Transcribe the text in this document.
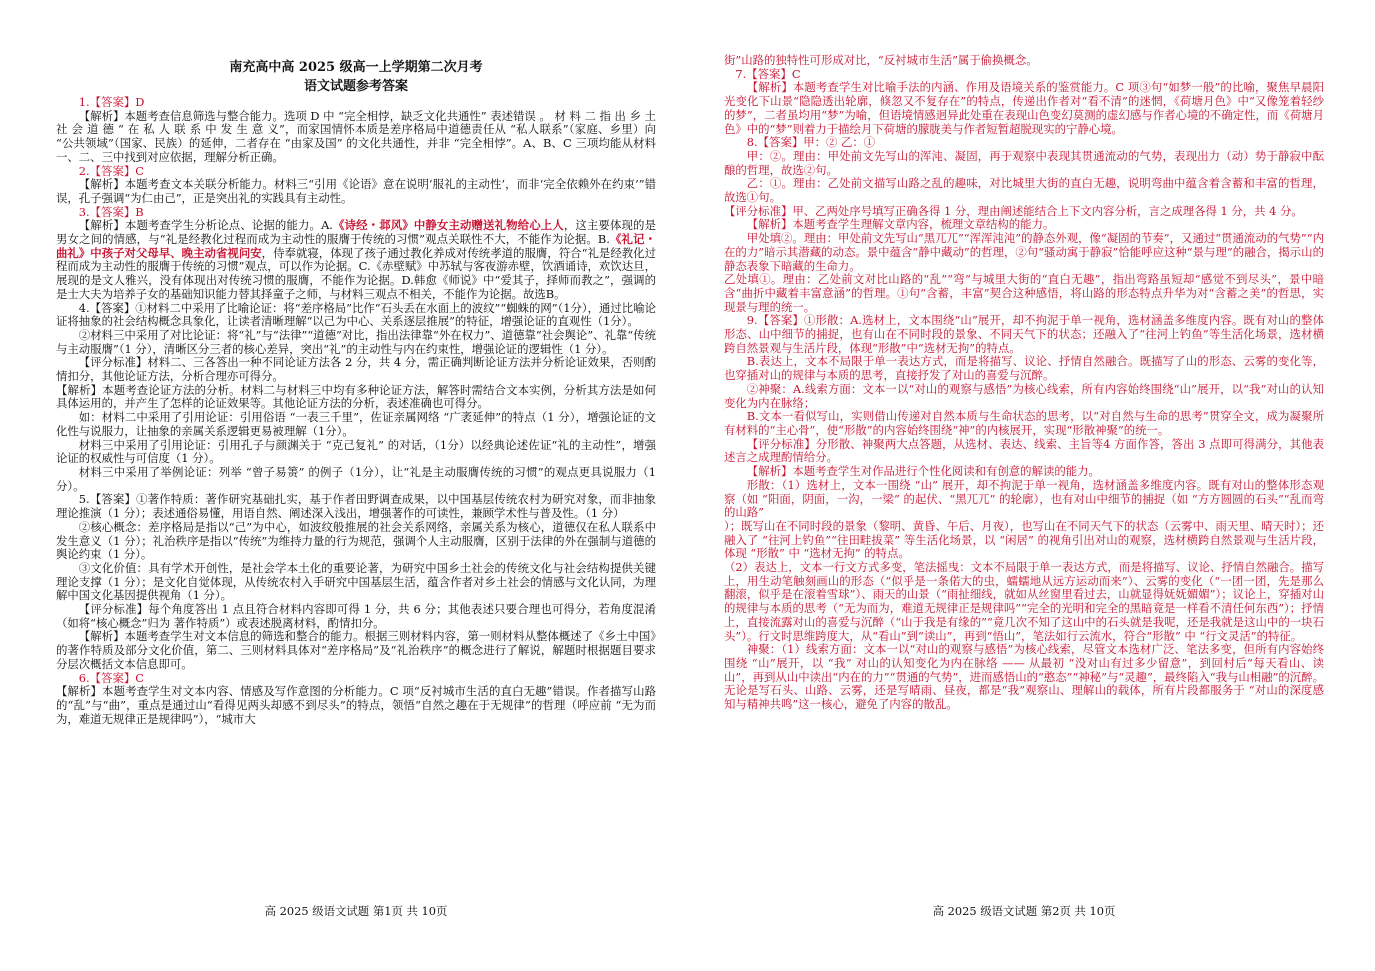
南充高中高 2025 级高一上学期第二次月考
语文试题参考答案

1.【答案】D

【解析】本题考查信息筛选与整合能力。选项 D 中 “完全相悖，缺乏文化共通性” 表述错误 。 材 料 二 指 出 乡 土 社 会 道 德 “ 在 私 人 联 系 中 发 生 意 义”，而家国情怀本质是差序格局中道德责任从 “私人联系”（家庭、乡里）向 “公共领域”（国家、民族）的延伸，二者存在 “由家及国” 的文化共通性，并非 “完全相悖”。A、B、C 三项均能从材料一、二、三中找到对应依据，理解分析正确。

2.【答案】C

【解析】本题考查文本关联分析能力。材料三“引用《论语》意在说明‘服礼的主动性’，而非‘完全依赖外在约束’”错误，孔子强调“为仁由己”，正是突出礼的实践具有主动性。

3.【答案】B

【解析】本题考查学生分析论点、论据的能力。A.《诗经・邶风》中静女主动赠送礼物给心上人，这主要体现的是男女之间的情感，与“礼是经教化过程而成为主动性的服膺于传统的习惯”观点关联性不大，不能作为论据。B.《礼记・曲礼》中孩子对父母早、晚主动省视问安，侍奉就寝，体现了孩子通过教化养成对传统孝道的服膺，符合“礼是经教化过程而成为主动性的服膺于传统的习惯”观点，可以作为论据。C.《赤壁赋》中苏轼与客夜游赤壁，饮酒诵诗，欢饮达旦，展现的是文人雅兴，没有体现出对传统习惯的服膺，不能作为论据。D.韩愈《师说》中“爱其子，择师而教之”，强调的是士大夫为培养子女的基础知识能力替其择童子之师，与材料三观点不相关，不能作为论据。故选B。

4.【答案】①材料二中采用了比喻论证：将“差序格局”比作“石头丢在水面上的波纹”“蜘蛛的网”（1分），通过比喻论证将抽象的社会结构概念具象化，让读者清晰理解“以己为中心、关系逐层推展”的特征，增强论证的直观性（1分）。

②材料三中采用了对比论证：将“礼”与“法律”“道德”对比，指出法律靠“外在权力”、道德靠“社会舆论”、礼靠“传统与主动服膺”（1 分），清晰区分三者的核心差异，突出“礼”的主动性与内在约束性，增强论证的逻辑性（1 分）。

【评分标准】材料二、三各答出一种不同论证方法各 2 分，共 4 分，需正确判断论证方法并分析论证效果，否则酌情扣分，其他论证方法，分析合理亦可得分。

【解析】本题考查论证方法的分析。材料二与材料三中均有多种论证方法，解答时需结合文本实例，分析其方法是如何具体运用的，并产生了怎样的论证效果等。其他论证方法的分析，表述准确也可得分。

如：材料二中采用了引用论证：引用俗语 “一表三千里”，佐证亲属网络 “广袤延伸”的特点（1 分），增强论证的文化性与说服力，让抽象的亲属关系逻辑更易被理解（1分）。

材料三中采用了引用论证：引用孔子与颜渊关于 “克己复礼” 的对话，（1分）以经典论述佐证“礼的主动性”，增强论证的权威性与可信度（1 分）。

材料三中采用了举例论证：列举 “曾子易箦” 的例子（1分），让“礼是主动服膺传统的习惯”的观点更具说服力（1 分）。

5.【答案】①著作特质：著作研究基础扎实，基于作者田野调查成果，以中国基层传统农村为研究对象，而非抽象理论推演（1 分）；表述通俗易懂，用语自然、阐述深入浅出，增强著作的可读性，兼顾学术性与普及性。（1 分）

②核心概念：差序格局是指以“己”为中心，如波纹般推展的社会关系网络，亲属关系为核心，道德仅在私人联系中发生意义（1 分）；礼治秩序是指以“传统”为维持力量的行为规范，强调个人主动服膺，区别于法律的外在强制与道德的舆论约束（1 分）。

③文化价值：具有学术开创性，是社会学本土化的重要论著，为研究中国乡土社会的传统文化与社会结构提供关键理论支撑（1 分）；是文化自觉体现，从传统农村入手研究中国基层生活，蕴含作者对乡土社会的情感与文化认同，为理解中国文化基因提供视角（1 分）。

【评分标准】每个角度答出 1 点且符合材料内容即可得 1 分，共 6 分；其他表述只要合理也可得分，若角度混淆（如将“核心概念”归为 著作特质”）或表述脱离材料，酌情扣分。

【解析】本题考查学生对文本信息的筛选和整合的能力。根据三则材料内容，第一则材料从整体概述了《乡土中国》的著作特质及部分文化价值，第二、三则材料具体对“差序格局”及“礼治秩序”的概念进行了解说，解题时根据题目要求分层次概括文本信息即可。

6.【答案】C

【解析】本题考查学生对文本内容、情感及写作意图的分析能力。C 项“反衬城市生活的直白无趣”错误。作者描写山路的“乱”与“曲”，重点是通过山“看得见两头却感不到尽头”的特点，领悟“自然之趣在于无规律”的哲理（呼应前 “无为而为，难道无规律正是规律吗”），“城市大

高 2025 级语文试题 第1页 共 10页

街”山路的独特性可形成对比，“反衬城市生活”属于偷换概念。

7.【答案】C

【解析】本题考查学生对比喻手法的内涵、作用及语境关系的鉴赏能力。C 项③句“如梦一般”的比喻，聚焦早晨阳光变化下山景“隐隐透出轮廓，倏忽又不复存在”的特点，传递出作者对“看不清”的迷惘，《荷塘月色》中“又像笼着轻纱的梦”，二者虽均用“梦”为喻，但语境情感迥异此处重在表现山色变幻莫测的虚幻感与作者心境的不确定性，而《荷塘月色》中的“梦”则着力于描绘月下荷塘的朦胧美与作者短暂超脱现实的宁静心境。

8.【答案】甲：② 乙：①

甲：②。理由：甲处前文先写山的浑沌、凝固，再于观察中表现其贯通流动的气势，表现出力（动）势于静寂中酝酿的哲理，故选②句。

乙：①。理由：乙处前文描写山路之乱的趣味，对比城里大街的直白无趣，说明弯曲中蕴含着含蓄和丰富的哲理，故选①句。

【评分标准】甲、乙两处序号填写正确各得 1 分，理由阐述能结合上下文内容分析，言之成理各得 1 分，共 4 分。

【解析】本题考查学生理解文章内容，梳理文章结构的能力。

甲处填②。理由：甲处前文先写山“黑兀兀”“浑浑沌沌”的静态外观，像“凝固的节奏”，又通过“贯通流动的气势”“内在的力”暗示其潜藏的动态。景中蕴含“静中藏动”的哲理，②句“骚动寓于静寂”恰能呼应这种“景与理”的融合，揭示山的静态表象下暗藏的生命力。

乙处填①。理由：乙处前文对比山路的“乱”“弯”与城里大街的“直白无趣”，指出弯路虽短却“感觉不到尽头”，景中暗含“曲折中藏着丰富意涵”的哲理。①句“含蓄，丰富”契合这种感悟，将山路的形态特点升华为对“含蓄之美”的哲思，实现景与理的统一。

9.【答案】①形散：A.选材上，文本围绕“山”展开，却不拘泥于单一视角，选材涵盖多维度内容。既有对山的整体形态、山中细节的捕捉，也有山在不同时段的景象、不同天气下的状态；还融入了“往河上钓鱼”等生活化场景，选材横跨自然景观与生活片段，体现“形散”中“选材无拘”的特点。

B.表达上，文本不局限于单一表达方式，而是将描写、议论、抒情自然融合。既描写了山的形态、云雾的变化等，也穿插对山的规律与本质的思考，直接抒发了对山的喜爱与沉醉。

②神聚：A.线索方面：文本一以“对山的观察与感悟”为核心线索，所有内容始终围绕“山”展开，以“我”对山的认知变化为内在脉络；

B.文本一看似写山，实则借山传递对自然本质与生命状态的思考，以“对自然与生命的思考”贯穿全文，成为凝聚所有材料的“主心骨”，使“形散”的内容始终围绕“神”的内核展开，实现“形散神聚”的统一。

【评分标准】分形散、神聚两大点答题，从选材、表达、线索、主旨等4 方面作答，答出 3 点即可得满分，其他表述言之成理酌情给分。

【解析】本题考查学生对作品进行个性化阅读和有创意的解读的能力。

形散：（1）选材上，文本一围绕 “山” 展开，却不拘泥于单一视角，选材涵盖多维度内容。既有对山的整体形态观察（如 “阳面，阴面，一沟，一梁” 的起伏、“黑兀兀” 的轮廓），也有对山中细节的捕捉（如 “方方圆圆的石头”“乱而弯的山路”

）；既写山在不同时段的景象（黎明、黄昏、午后、月夜），也写山在不同天气下的状态（云雾中、雨天里、晴天时）；还融入了 “往河上钓鱼”“往田畦拔菜” 等生活化场景，以 “闲居” 的视角引出对山的观察，选材横跨自然景观与生活片段，体现 “形散” 中 “选材无拘” 的特点。

（2）表达上，文本一行文方式多变，笔法摇曳：文本不局限于单一表达方式，而是将描写、议论、抒情自然融合。描写上，用生动笔触刻画山的形态（“似乎是一条偌大的虫，蠕蠕地从远方运动而来”）、云雾的变化（“一团一团，先是那么翻滚，似乎是在滚着雪球”）、雨天的山景（“雨扯细线，就如从丝窗里看过去，山就显得妩妩媚媚”）；议论上，穿插对山的规律与本质的思考（“无为而为，难道无规律正是规律吗”“完全的光明和完全的黑暗竟是一样看不清任何东西”）；抒情上，直接流露对山的喜爱与沉醉（“山于我是有缘的”“竟几次不知了这山中的石头就是我呢，还是我就是这山中的一块石头”）。行文时思维跨度大，从“看山”到“读山”，再到“悟山”，笔法如行云流水，符合“形散” 中 “行文灵活”的特征。

神聚：（1）线索方面：文本一以“对山的观察与感悟”为核心线索，尽管文本选材广泛、笔法多变，但所有内容始终围绕 “山”展开，以 “我” 对山的认知变化为内在脉络 —— 从最初 “没对山有过多少留意”，到回村后“每天看山、读山”，再到从山中读出“内在的力”“贯通的气势”，进而感悟山的“憨态”“神秘”与“灵趣”，最终陷入“我与山相融”的沉醉。无论是写石头、山路、云雾，还是写晴雨、昼夜，都是“我”观察山、理解山的载体，所有片段都服务于 “对山的深度感知与精神共鸣”这一核心，避免了内容的散乱。

高 2025 级语文试题 第2页 共 10页
